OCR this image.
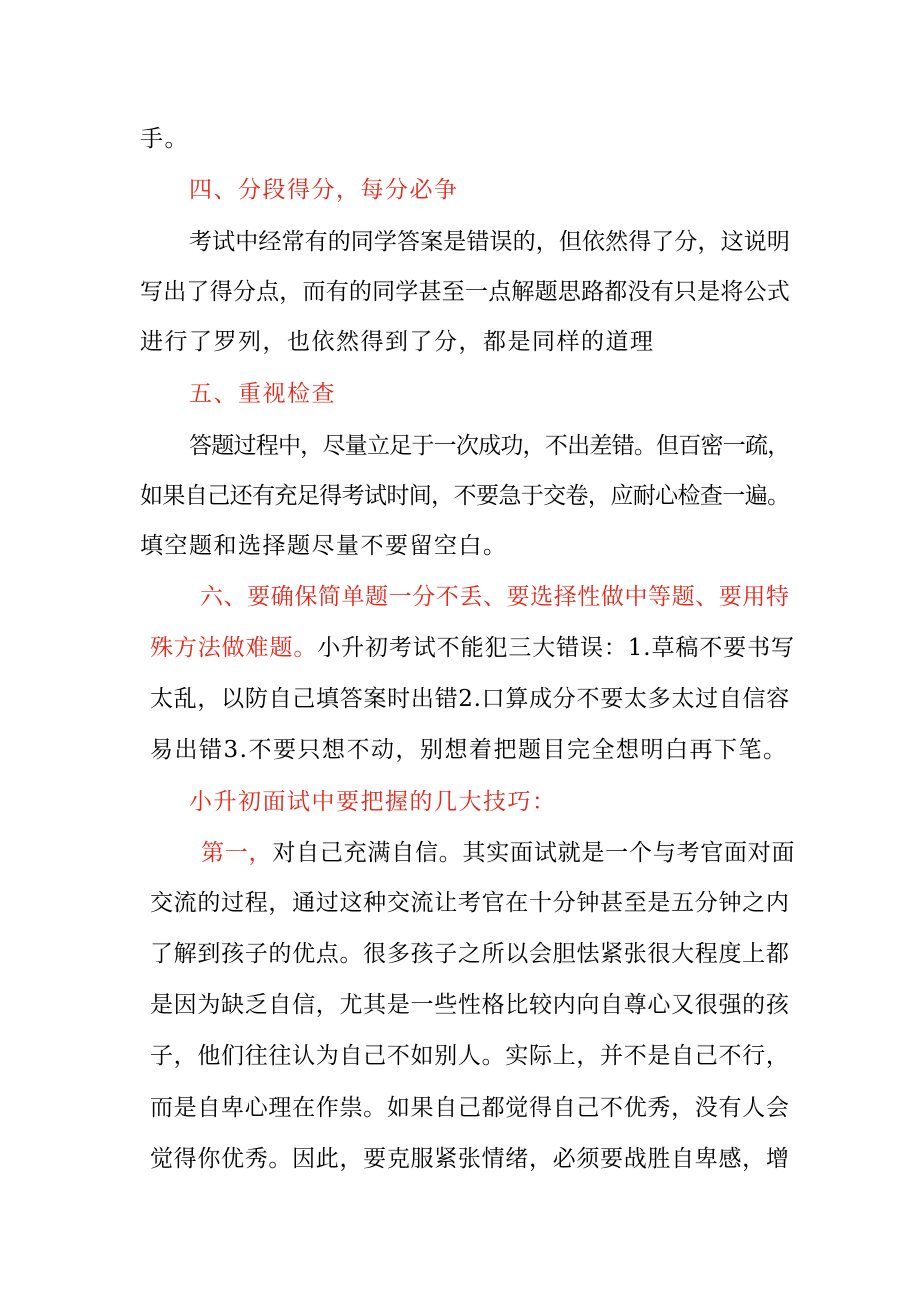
手。
四、分段得分，每分必争
考试中经常有的同学答案是错误的，但依然得了分，这说明
写出了得分点，而有的同学甚至一点解题思路都没有只是将公式
进行了罗列，也依然得到了分，都是同样的道理
五、重视检查
答题过程中，尽量立足于一次成功，不出差错。但百密一疏，
如果自己还有充足得考试时间，不要急于交卷，应耐心检查一遍。
填空题和选择题尽量不要留空白。
六、要确保简单题一分不丢、要选择性做中等题、要用特
殊方法做难题。小升初考试不能犯三大错误：1.草稿不要书写
太乱，以防自己填答案时出错2.口算成分不要太多太过自信容
易出错3.不要只想不动，别想着把题目完全想明白再下笔。
小升初面试中要把握的几大技巧：
第一，对自己充满自信。其实面试就是一个与考官面对面
交流的过程，通过这种交流让考官在十分钟甚至是五分钟之内
了解到孩子的优点。很多孩子之所以会胆怯紧张很大程度上都
是因为缺乏自信，尤其是一些性格比较内向自尊心又很强的孩
子，他们往往认为自己不如别人。实际上，并不是自己不行，
而是自卑心理在作祟。如果自己都觉得自己不优秀，没有人会
觉得你优秀。因此，要克服紧张情绪，必须要战胜自卑感，增
